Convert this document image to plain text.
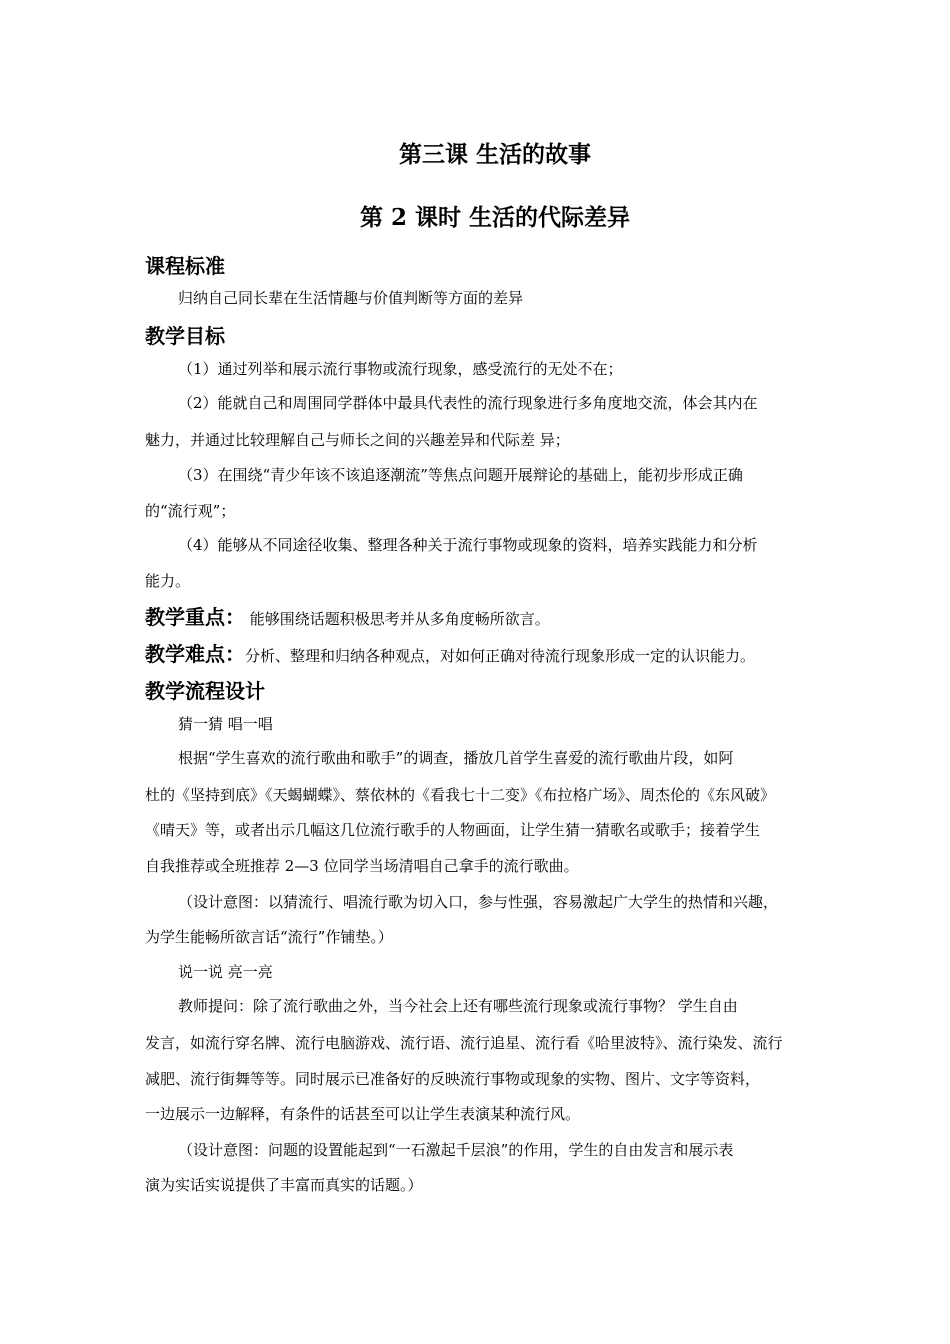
第三课 生活的故事
第 2 课时 生活的代际差异
课程标准
归纳自己同长辈在生活情趣与价值判断等方面的差异
教学目标
（1）通过列举和展示流行事物或流行现象，感受流行的无处不在；
（2）能就自己和周围同学群体中最具代表性的流行现象进行多角度地交流，体会其内在
魅力，并通过比较理解自己与师长之间的兴趣差异和代际差 异；
（3）在围绕“青少年该不该追逐潮流”等焦点问题开展辩论的基础上，能初步形成正确
的“流行观”；
（4）能够从不同途径收集、整理各种关于流行事物或现象的资料，培养实践能力和分析
能力。
教学重点： 能够围绕话题积极思考并从多角度畅所欲言。
教学难点：分析、整理和归纳各种观点，对如何正确对待流行现象形成一定的认识能力。
教学流程设计
猜一猜 唱一唱
根据“学生喜欢的流行歌曲和歌手”的调查，播放几首学生喜爱的流行歌曲片段，如阿
杜的《坚持到底》《天蝎蝴蝶》、蔡依林的《看我七十二变》《布拉格广场》、周杰伦的《东风破》
《晴天》等，或者出示几幅这几位流行歌手的人物画面，让学生猜一猜歌名或歌手；接着学生
自我推荐或全班推荐 2—3 位同学当场清唱自己拿手的流行歌曲。
（设计意图：以猜流行、唱流行歌为切入口，参与性强，容易激起广大学生的热情和兴趣，
为学生能畅所欲言话“流行”作铺垫。）
说一说 亮一亮
教师提问：除了流行歌曲之外，当今社会上还有哪些流行现象或流行事物？ 学生自由
发言，如流行穿名牌、流行电脑游戏、流行语、流行追星、流行看《哈里波特》、流行染发、流行
减肥、流行街舞等等。同时展示已准备好的反映流行事物或现象的实物、图片、文字等资料，
一边展示一边解释，有条件的话甚至可以让学生表演某种流行风。
（设计意图：问题的设置能起到“一石激起千层浪”的作用，学生的自由发言和展示表
演为实话实说提供了丰富而真实的话题。）
